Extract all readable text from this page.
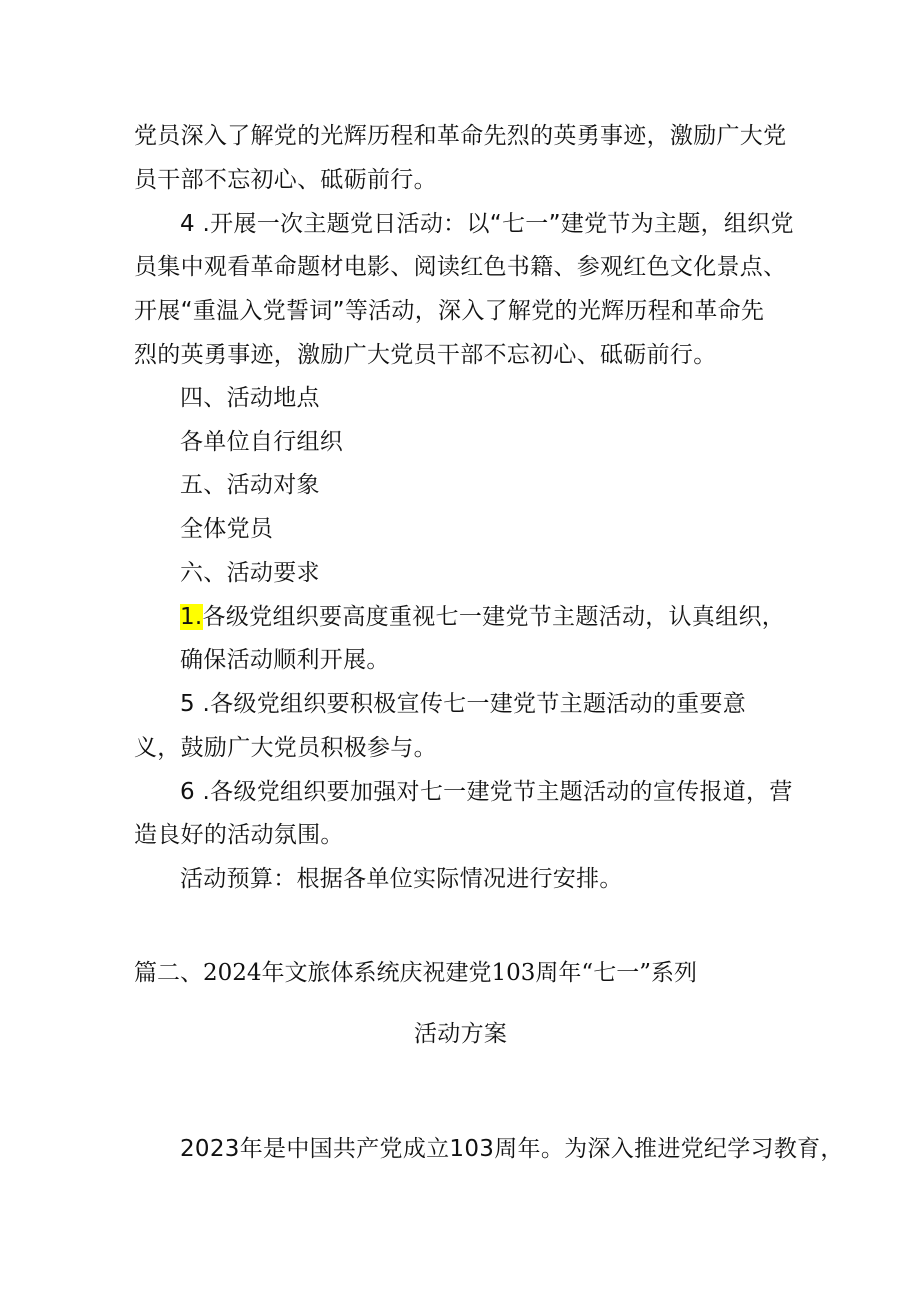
党员深入了解党的光辉历程和革命先烈的英勇事迹，激励广大党
员干部不忘初心、砥砺前行。
4 .开展一次主题党日活动：以“七一”建党节为主题，组织党
员集中观看革命题材电影、阅读红色书籍、参观红色文化景点、
开展“重温入党誓词”等活动，深入了解党的光辉历程和革命先
烈的英勇事迹，激励广大党员干部不忘初心、砥砺前行。
四、活动地点
各单位自行组织
五、活动对象
全体党员
六、活动要求
1.各级党组织要高度重视七一建党节主题活动，认真组织，
确保活动顺利开展。
5 .各级党组织要积极宣传七一建党节主题活动的重要意
义，鼓励广大党员积极参与。
6 .各级党组织要加强对七一建党节主题活动的宣传报道，营
造良好的活动氛围。
活动预算：根据各单位实际情况进行安排。
篇二、2024年文旅体系统庆祝建党103周年“七一”系列
活动方案
2023年是中国共产党成立103周年。为深入推进党纪学习教育，
